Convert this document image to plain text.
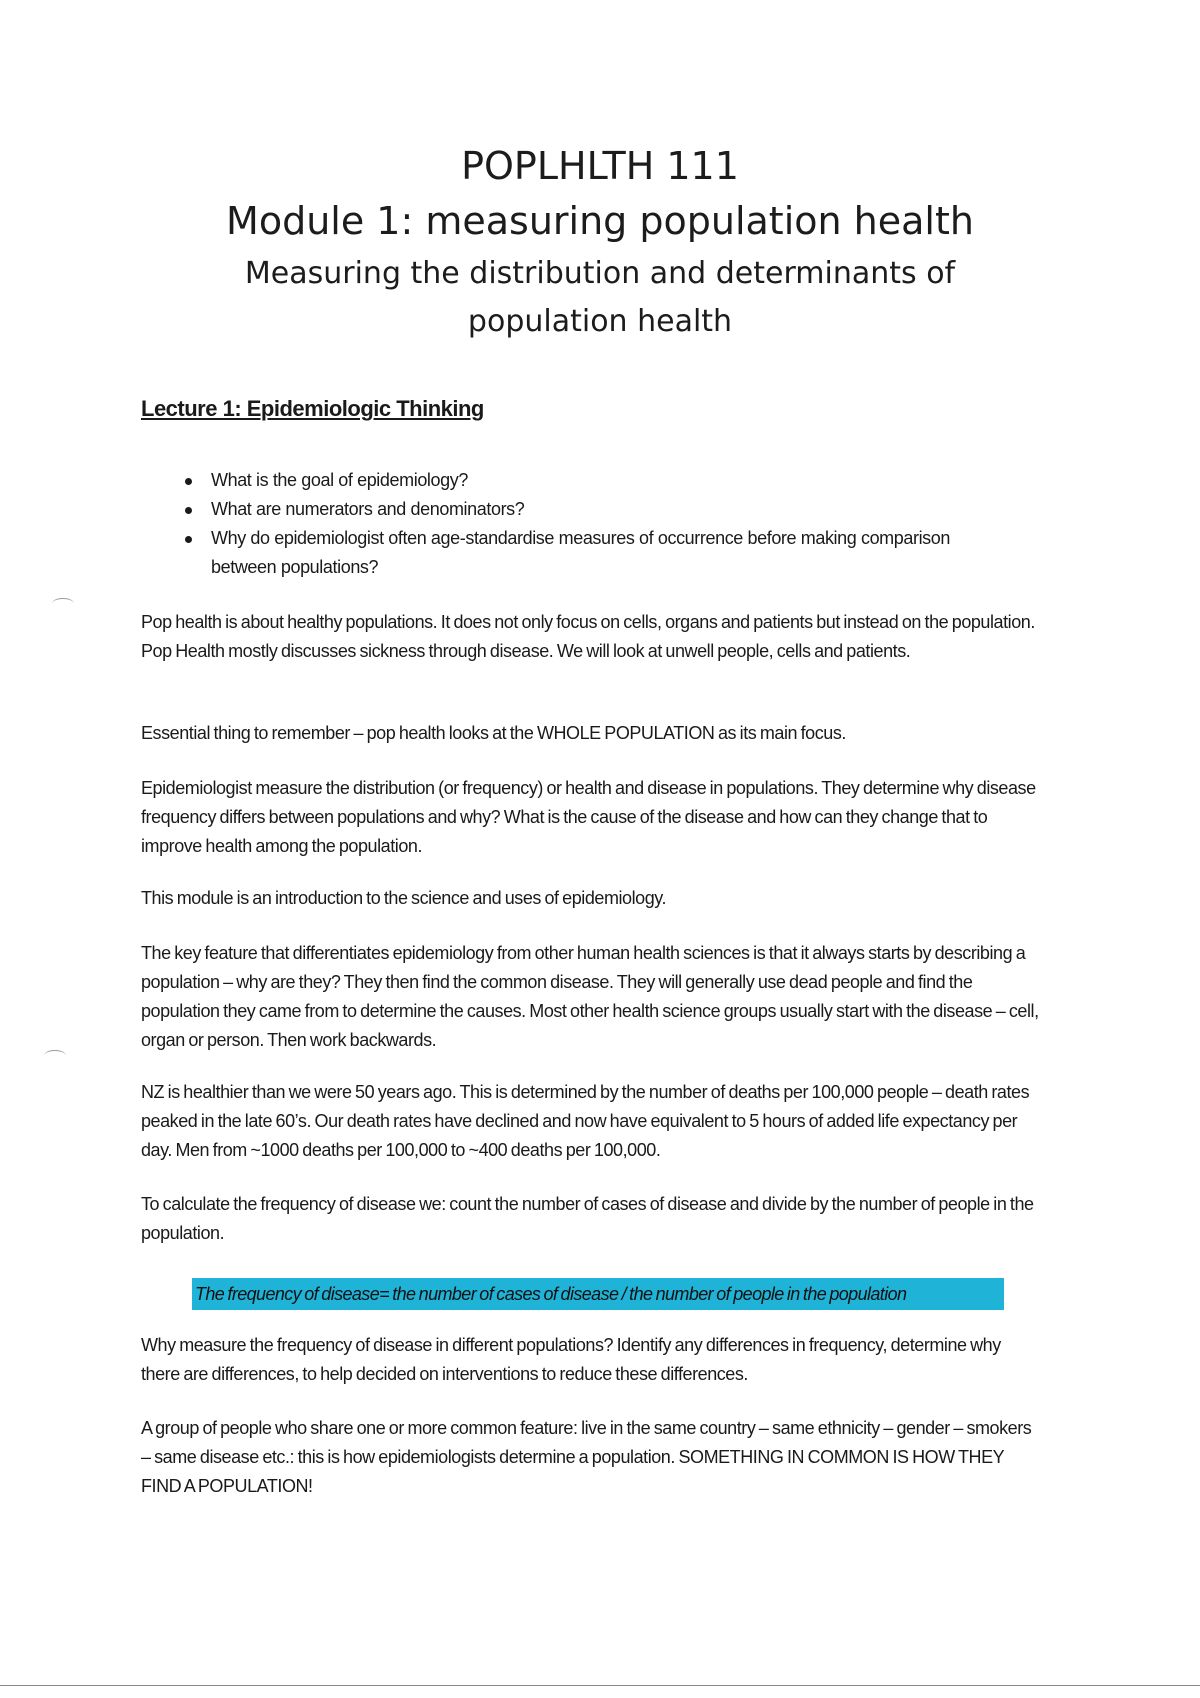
POPLHLTH 111

Module 1: measuring population health

Measuring the distribution and determinants of

population health

Lecture 1: Epidemiologic Thinking

What is the goal of epidemiology?
What are numerators and denominators?
Why do epidemiologist often age-standardise measures of occurrence before making comparison between populations?

Pop health is about healthy populations. It does not only focus on cells, organs and patients but instead on the population. Pop Health mostly discusses sickness through disease. We will look at unwell people, cells and patients.

Essential thing to remember – pop health looks at the WHOLE POPULATION as its main focus.

Epidemiologist measure the distribution (or frequency) or health and disease in populations. They determine why disease frequency differs between populations and why? What is the cause of the disease and how can they change that to improve health among the population.

This module is an introduction to the science and uses of epidemiology.

The key feature that differentiates epidemiology from other human health sciences is that it always starts by describing a population – why are they? They then find the common disease. They will generally use dead people and find the population they came from to determine the causes. Most other health science groups usually start with the disease – cell, organ or person. Then work backwards.

NZ is healthier than we were 50 years ago. This is determined by the number of deaths per 100,000 people – death rates peaked in the late 60’s. Our death rates have declined and now have equivalent to 5 hours of added life expectancy per day. Men from ~1000 deaths per 100,000 to ~400 deaths per 100,000.

To calculate the frequency of disease we: count the number of cases of disease and divide by the number of people in the population.

The frequency of disease= the number of cases of disease / the number of people in the population

Why measure the frequency of disease in different populations? Identify any differences in frequency, determine why there are differences, to help decided on interventions to reduce these differences.

A group of people who share one or more common feature: live in the same country – same ethnicity – gender – smokers – same disease etc.: this is how epidemiologists determine a population. SOMETHING IN COMMON IS HOW THEY FIND A POPULATION!
